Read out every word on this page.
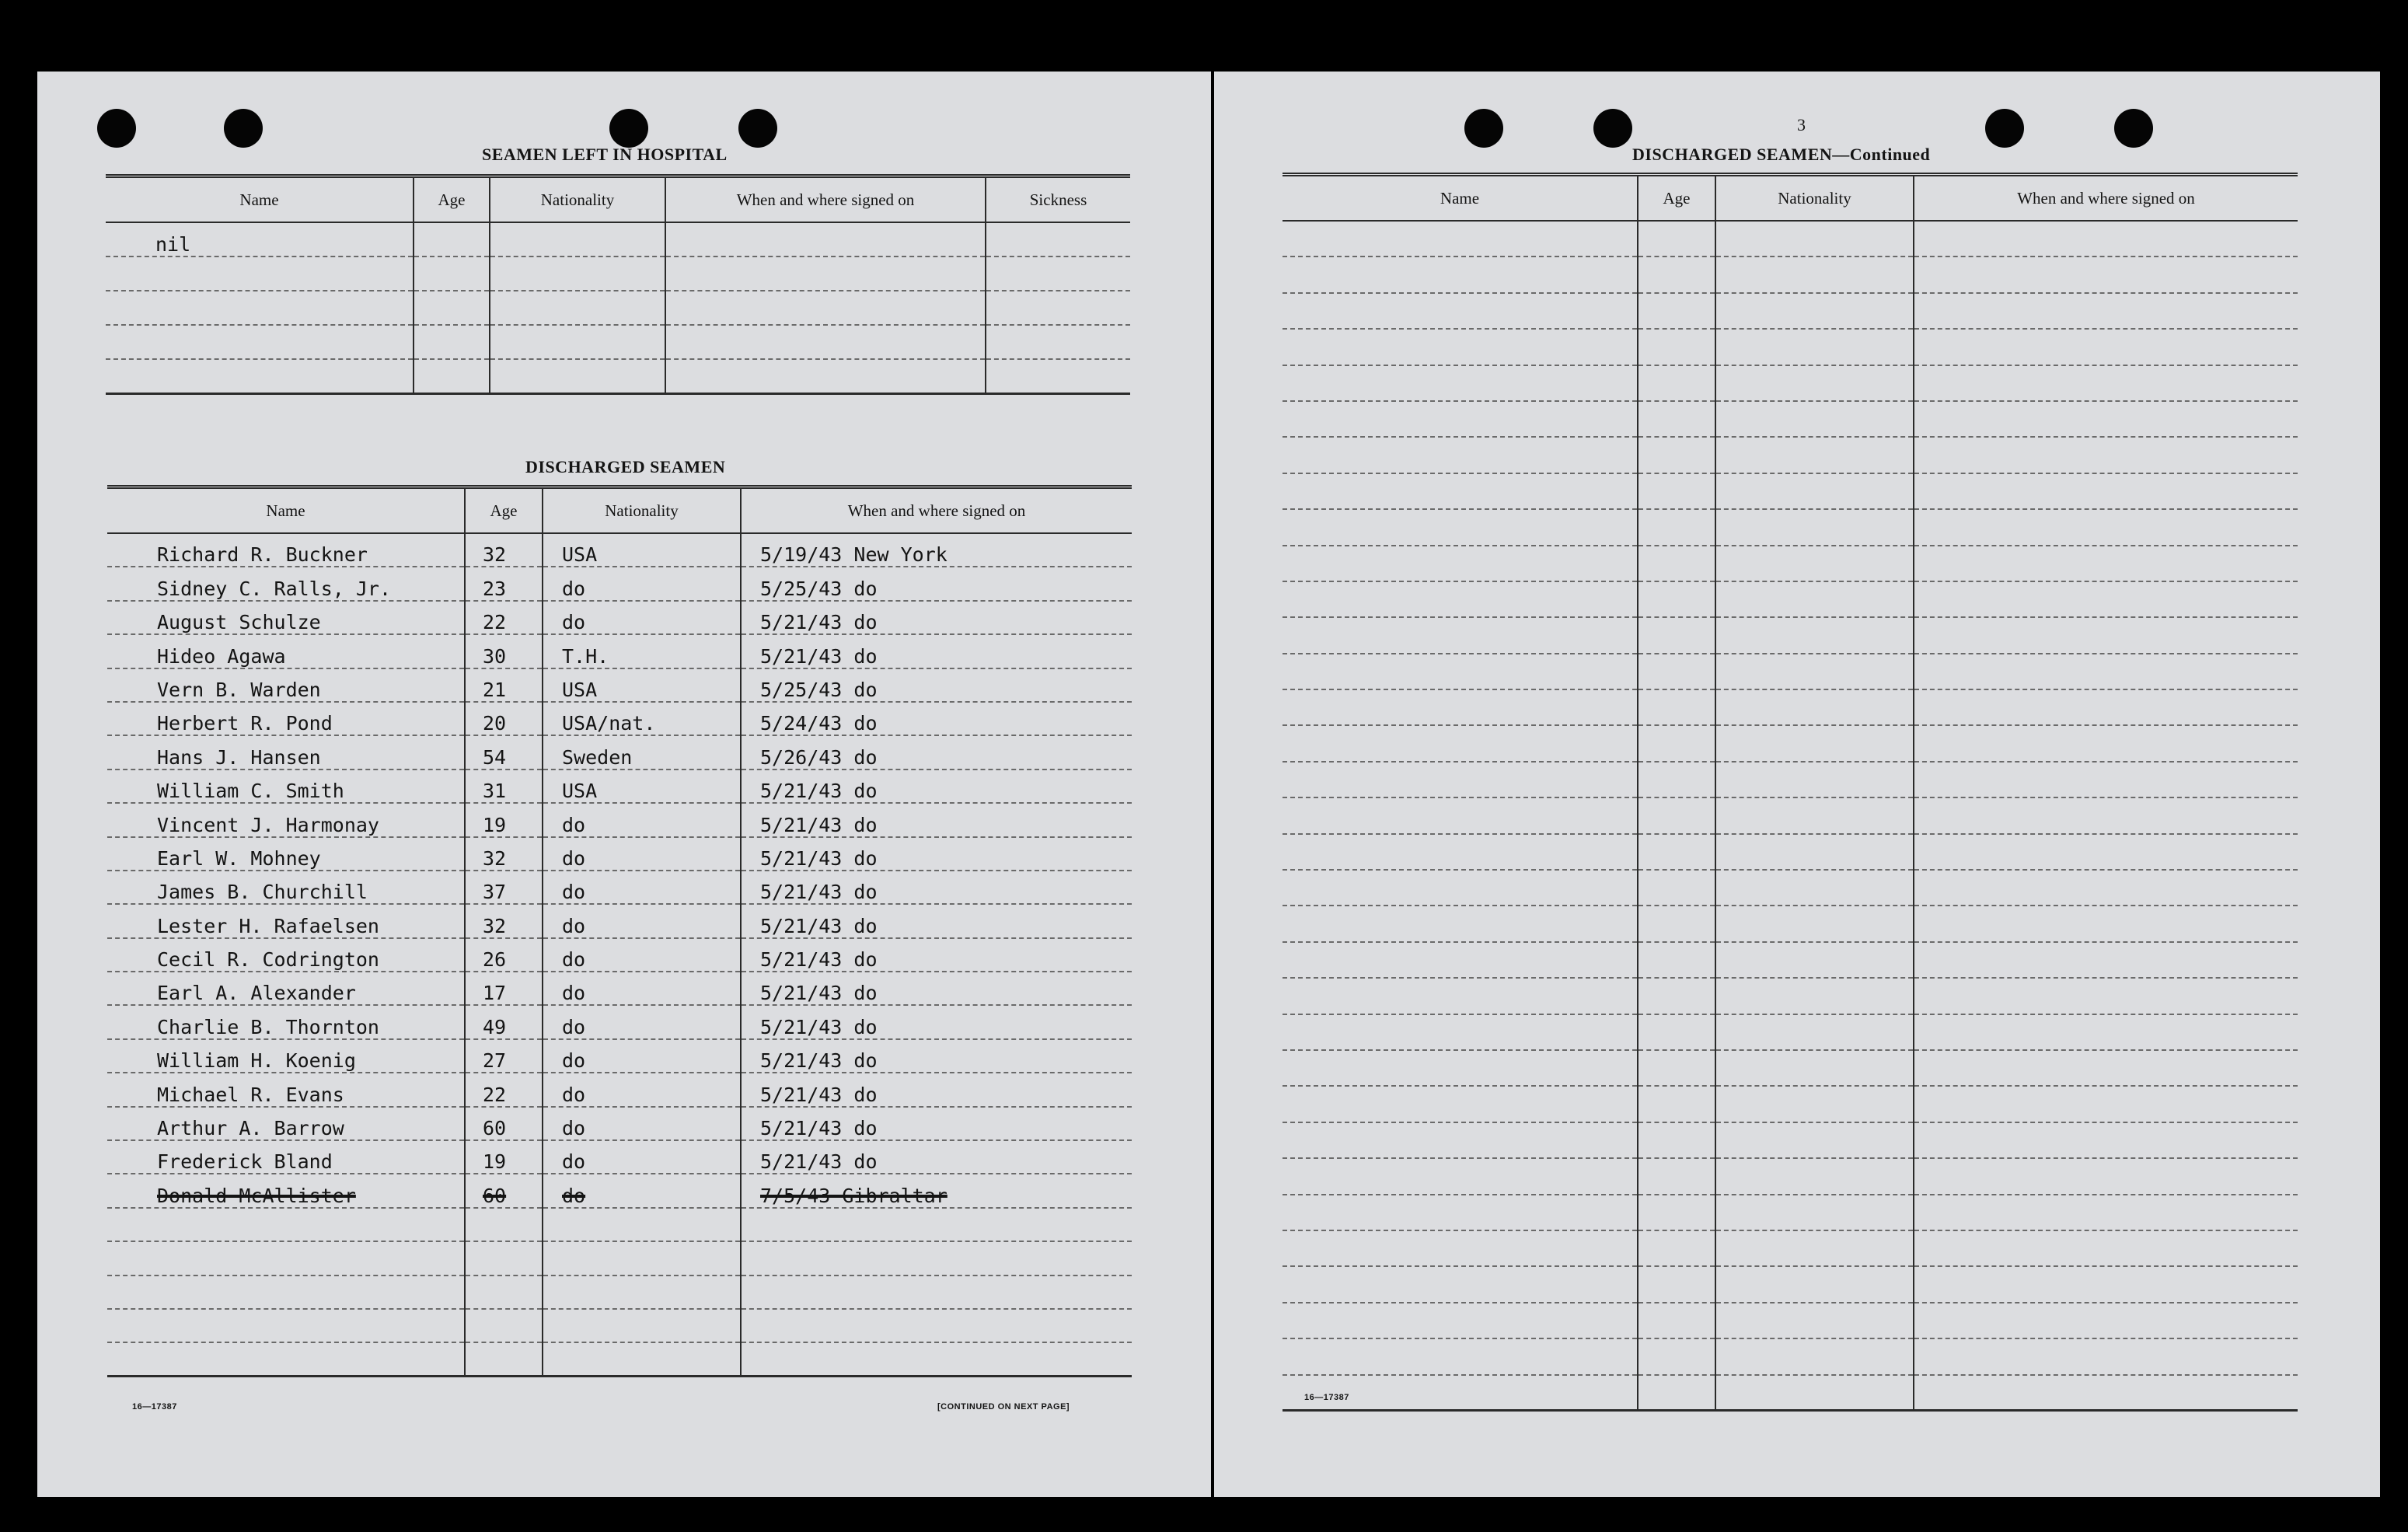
SEAMEN LEFT IN HOSPITAL
Name	Age	Nationality	When and where signed on	Sickness
nil				

DISCHARGED SEAMEN
Name	Age	Nationality	When and where signed on
Richard R. Buckner	32	USA	5/19/43 New York
Sidney C. Ralls, Jr.	23	do	5/25/43 do
August Schulze	22	do	5/21/43 do
Hideo Agawa	30	T.H.	5/21/43 do
Vern B. Warden	21	USA	5/25/43 do
Herbert R. Pond	20	USA/nat.	5/24/43 do
Hans J. Hansen	54	Sweden	5/26/43 do
William C. Smith	31	USA	5/21/43 do
Vincent J. Harmonay	19	do	5/21/43 do
Earl W. Mohney	32	do	5/21/43 do
James B. Churchill	37	do	5/21/43 do
Lester H. Rafaelsen	32	do	5/21/43 do
Cecil R. Codrington	26	do	5/21/43 do
Earl A. Alexander	17	do	5/21/43 do
Charlie B. Thornton	49	do	5/21/43 do
William H. Koenig	27	do	5/21/43 do
Michael R. Evans	22	do	5/21/43 do
Arthur A. Barrow	60	do	5/21/43 do
Frederick Bland	19	do	5/21/43 do
Donald McAllister	60	do	7/5/43 Gibraltar

16—17387	[CONTINUED ON NEXT PAGE]
3
DISCHARGED SEAMEN—Continued
Name	Age	Nationality	When and where signed on

16—17387
